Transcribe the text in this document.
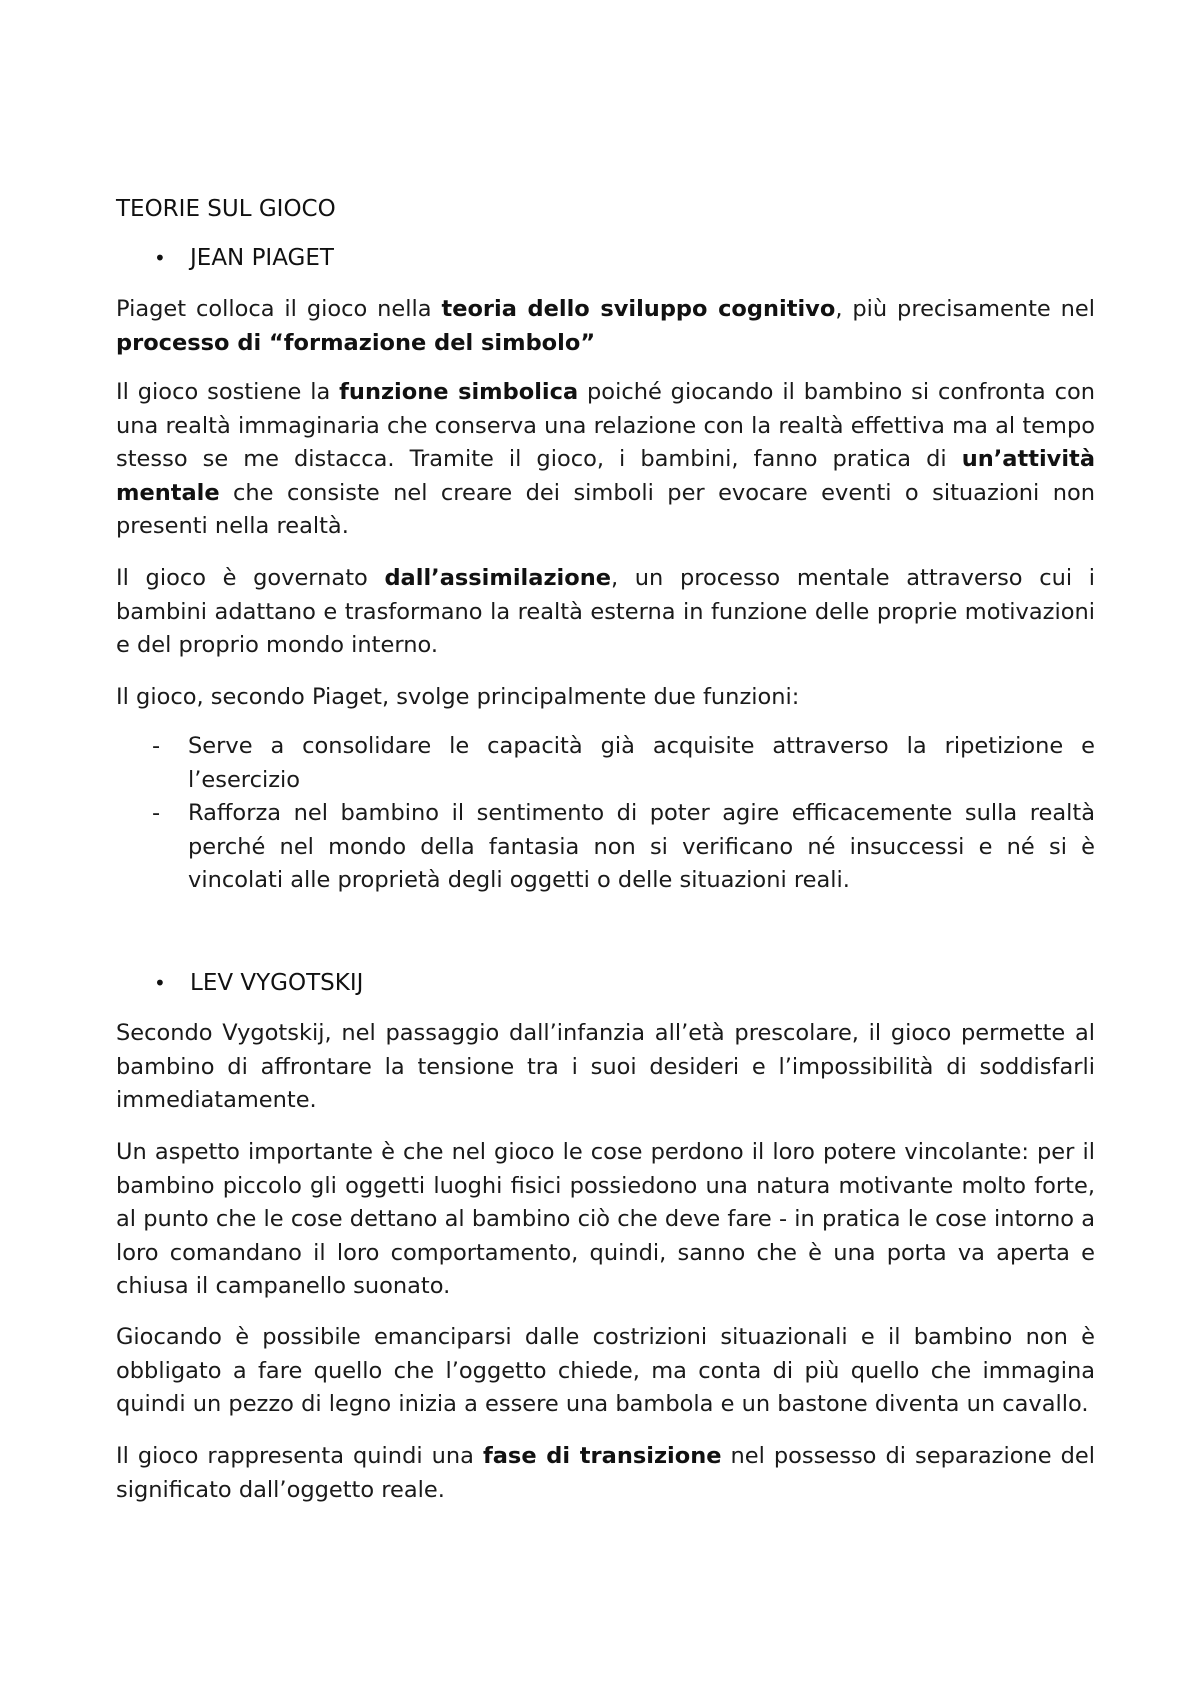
TEORIE SUL GIOCO
• JEAN PIAGET

Piaget colloca il gioco nella teoria dello sviluppo cognitivo, più precisamente nel processo di “formazione del simbolo”

Il gioco sostiene la funzione simbolica poiché giocando il bambino si confronta con una realtà immaginaria che conserva una relazione con la realtà effettiva ma al tempo stesso se me distacca. Tramite il gioco, i bambini, fanno pratica di un’attività mentale che consiste nel creare dei simboli per evocare eventi o situazioni non presenti nella realtà.

Il gioco è governato dall’assimilazione, un processo mentale attraverso cui i bambini adattano e trasformano la realtà esterna in funzione delle proprie motivazioni e del proprio mondo interno.

Il gioco, secondo Piaget, svolge principalmente due funzioni:

- Serve a consolidare le capacità già acquisite attraverso la ripetizione e l’esercizio
- Rafforza nel bambino il sentimento di poter agire efficacemente sulla realtà perché nel mondo della fantasia non si verificano né insuccessi e né si è vincolati alle proprietà degli oggetti o delle situazioni reali.
• LEV VYGOTSKIJ

Secondo Vygotskij, nel passaggio dall’infanzia all’età prescolare, il gioco permette al bambino di affrontare la tensione tra i suoi desideri e l’impossibilità di soddisfarli immediatamente.

Un aspetto importante è che nel gioco le cose perdono il loro potere vincolante: per il bambino piccolo gli oggetti luoghi fisici possiedono una natura motivante molto forte, al punto che le cose dettano al bambino ciò che deve fare - in pratica le cose intorno a loro comandano il loro comportamento, quindi, sanno che è una porta va aperta e chiusa il campanello suonato.

Giocando è possibile emanciparsi dalle costrizioni situazionali e il bambino non è obbligato a fare quello che l’oggetto chiede, ma conta di più quello che immagina quindi un pezzo di legno inizia a essere una bambola e un bastone diventa un cavallo.

Il gioco rappresenta quindi una fase di transizione nel possesso di separazione del significato dall’oggetto reale.
